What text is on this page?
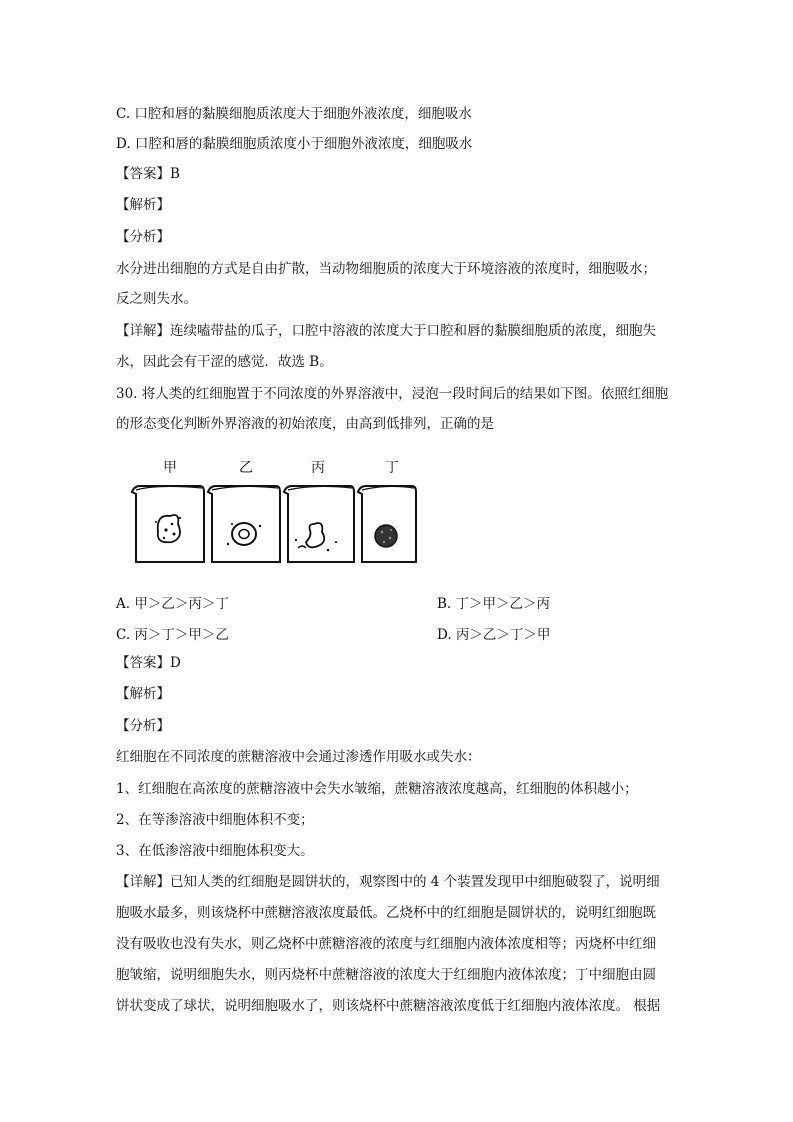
C. 口腔和唇的黏膜细胞质浓度大于细胞外液浓度，细胞吸水
D. 口腔和唇的黏膜细胞质浓度小于细胞外液浓度，细胞吸水
【答案】B
【解析】
【分析】
水分进出细胞的方式是自由扩散，当动物细胞质的浓度大于环境溶液的浓度时，细胞吸水；
反之则失水。
【详解】连续嗑带盐的瓜子，口腔中溶液的浓度大于口腔和唇的黏膜细胞质的浓度，细胞失
水，因此会有干涩的感觉．故选 B。
30. 将人类的红细胞置于不同浓度的外界溶液中，浸泡一段时间后的结果如下图。依照红细胞
的形态变化判断外界溶液的初始浓度，由高到低排列，正确的是
甲	乙	丙	丁
A. 甲＞乙＞丙＞丁	B. 丁＞甲＞乙＞丙
C. 丙＞丁＞甲＞乙	D. 丙＞乙＞丁＞甲
【答案】D
【解析】
【分析】
红细胞在不同浓度的蔗糖溶液中会通过渗透作用吸水或失水：
1、红细胞在高浓度的蔗糖溶液中会失水皱缩，蔗糖溶液浓度越高，红细胞的体积越小；
2、在等渗溶液中细胞体积不变；
3、在低渗溶液中细胞体积变大。
【详解】已知人类的红细胞是圆饼状的，观察图中的 4 个装置发现甲中细胞破裂了，说明细
胞吸水最多，则该烧杯中蔗糖溶液浓度最低。乙烧杯中的红细胞是圆饼状的，说明红细胞既
没有吸收也没有失水，则乙烧杯中蔗糖溶液的浓度与红细胞内液体浓度相等；丙烧杯中红细
胞皱缩，说明细胞失水，则丙烧杯中蔗糖溶液的浓度大于红细胞内液体浓度；丁中细胞由圆
饼状变成了球状，说明细胞吸水了，则该烧杯中蔗糖溶液浓度低于红细胞内液体浓度。 根据
